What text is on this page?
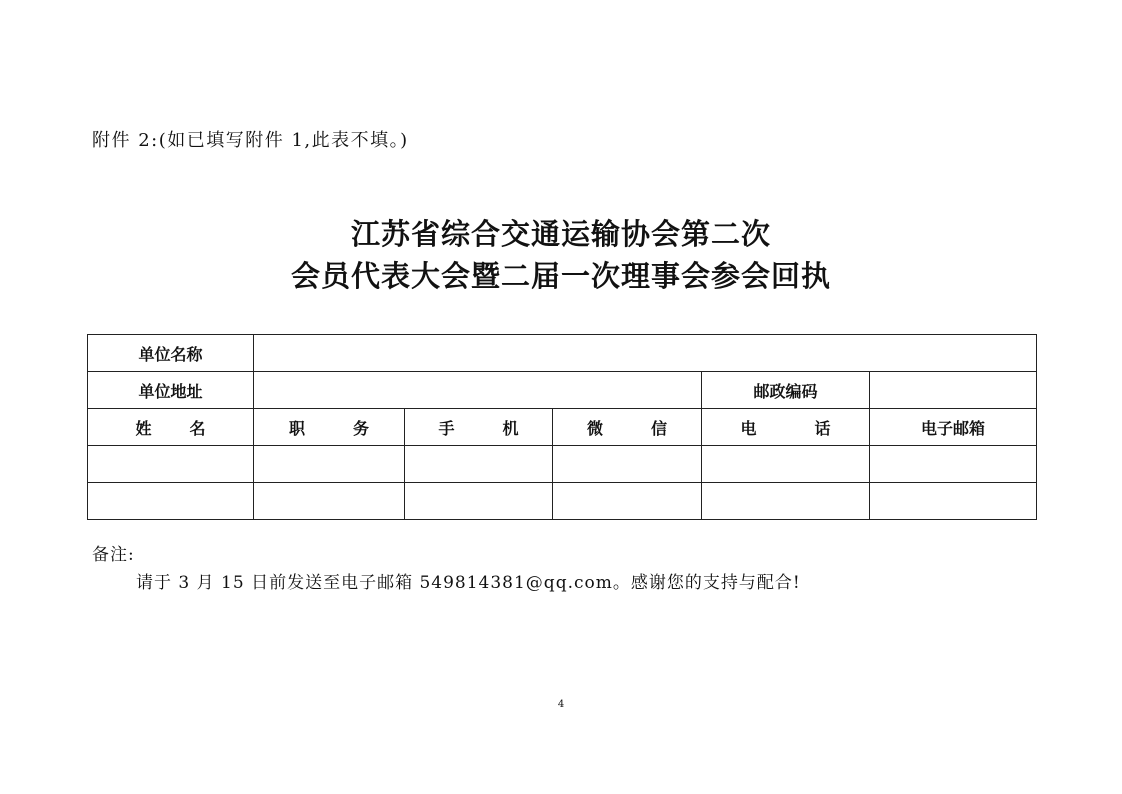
附件 2:(如已填写附件 1,此表不填。)
江苏省综合交通运输协会第二次
会员代表大会暨二届一次理事会参会回执
单位名称					
单位地址				邮政编码	

姓 名	职 务	手 机	微 信	电 话	电子邮箱

备注:
请于 3 月 15 日前发送至电子邮箱 549814381@qq.com。感谢您的支持与配合!
4
